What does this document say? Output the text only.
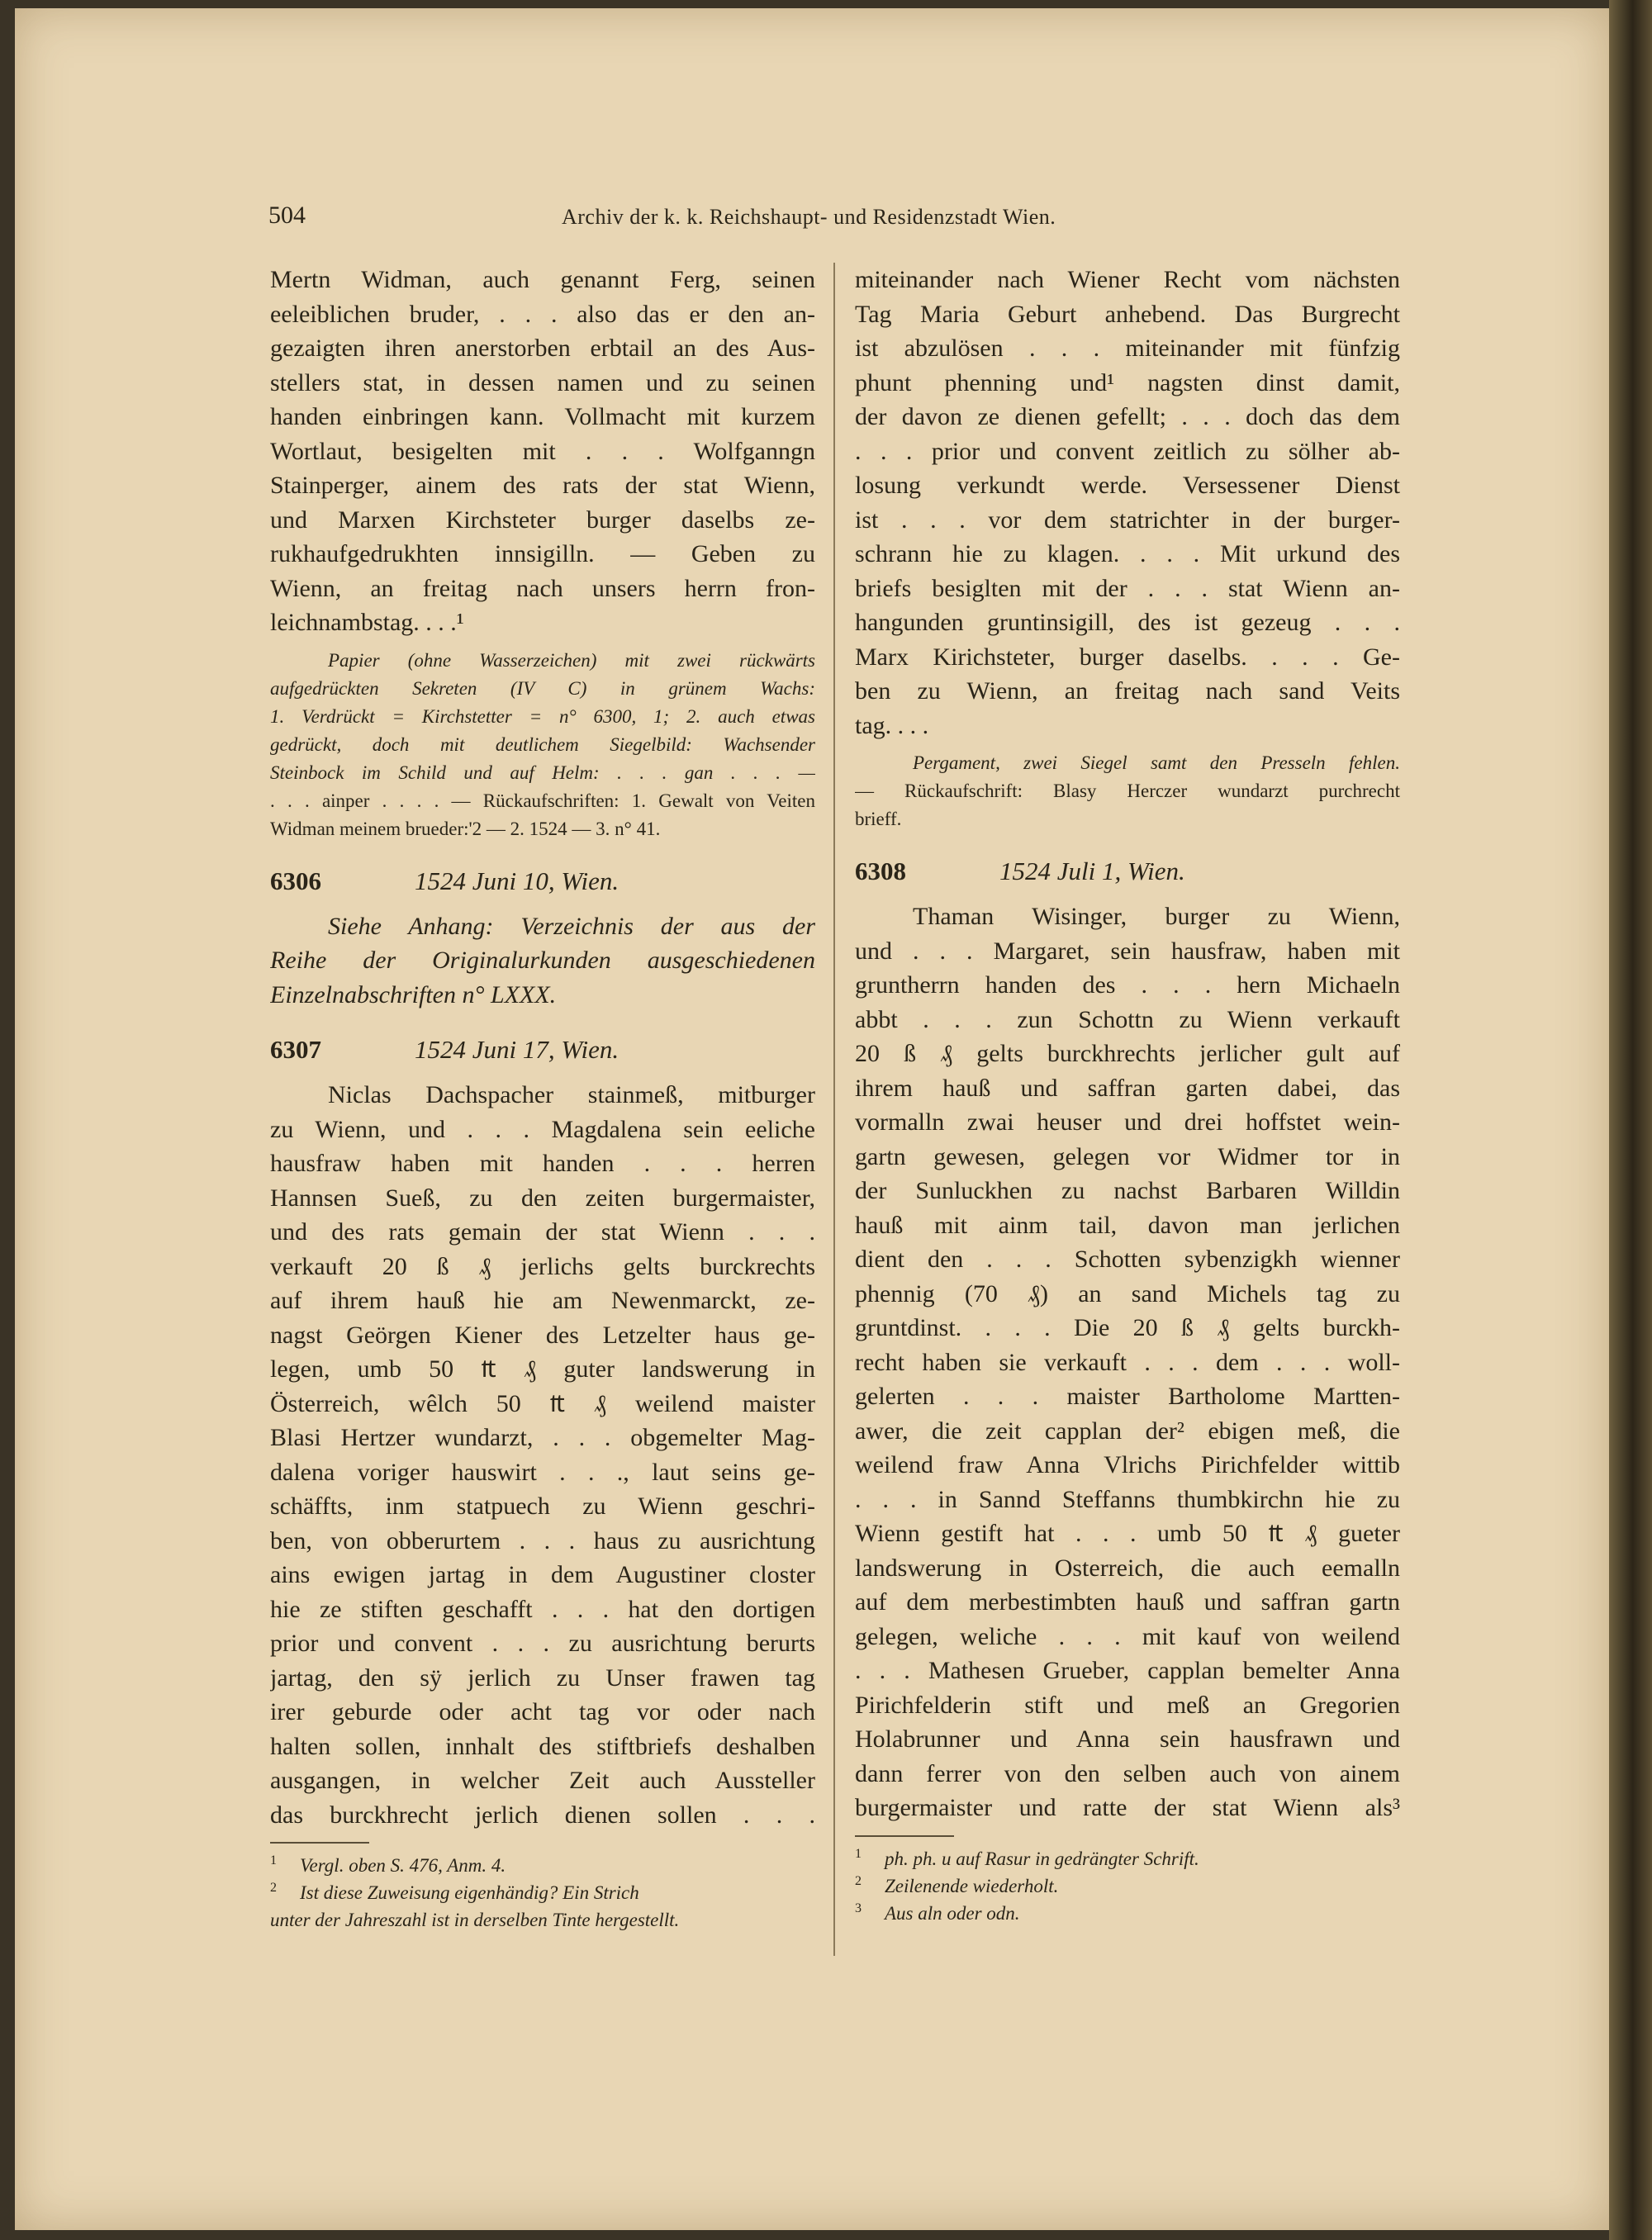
504	Archiv der k. k. Reichshaupt- und Residenzstadt Wien.
Mertn Widman, auch genannt Ferg, seinen
eeleiblichen bruder, . . . also das er den an-
gezaigten ihren anerstorben erbtail an des Aus-
stellers stat, in dessen namen und zu seinen
handen einbringen kann. Vollmacht mit kurzem
Wortlaut, besigelten mit . . . Wolfganngn
Stainperger, ainem des rats der stat Wienn,
und Marxen Kirchsteter burger daselbs ze-
rukhaufgedrukhten innsigilln. — Geben zu
Wienn, an freitag nach unsers herrn fron-
leichnambstag. . . .¹
Papier (ohne Wasserzeichen) mit zwei rückwärts
aufgedrückten Sekreten (IV C) in grünem Wachs:
1. Verdrückt = Kirchstetter = n° 6300, 1; 2. auch etwas
gedrückt, doch mit deutlichem Siegelbild: Wachsender
Steinbock im Schild und auf Helm: . . . gan . . . —
. . . ainper . . . . — Rückaufschriften: 1. Gewalt von Veiten
Widman meinem brueder:'2 — 2. 1524 — 3. n° 41.
6306	1524 Juni 10, Wien.
Siehe Anhang: Verzeichnis der aus der
Reihe der Originalurkunden ausgeschiedenen
Einzelnabschriften n° LXXX.
6307	1524 Juni 17, Wien.
Niclas Dachspacher stainmeß, mitburger
zu Wienn, und . . . Magdalena sein eeliche
hausfraw haben mit handen . . . herren
Hannsen Sueß, zu den zeiten burgermaister,
und des rats gemain der stat Wienn . . .
verkauft 20 ß ₰ jerlichs gelts burckrechts
auf ihrem hauß hie am Newenmarckt, ze-
nagst Geörgen Kiener des Letzelter haus ge-
legen, umb 50 ₶ ₰ guter landswerung in
Österreich, wêlch 50 ₶ ₰ weilend maister
Blasi Hertzer wundarzt, . . . obgemelter Mag-
dalena voriger hauswirt . . ., laut seins ge-
schäffts, inm statpuech zu Wienn geschri-
ben, von obberurtem . . . haus zu ausrichtung
ains ewigen jartag in dem Augustiner closter
hie ze stiften geschafft . . . hat den dortigen
prior und convent . . . zu ausrichtung berurts
jartag, den sÿ jerlich zu Unser frawen tag
irer geburde oder acht tag vor oder nach
halten sollen, innhalt des stiftbriefs deshalben
ausgangen, in welcher Zeit auch Aussteller
das burckhrecht jerlich dienen sollen . . .
1 Vergl. oben S. 476, Anm. 4.
2 Ist diese Zuweisung eigenhändig? Ein Strich
unter der Jahreszahl ist in derselben Tinte hergestellt.
miteinander nach Wiener Recht vom nächsten
Tag Maria Geburt anhebend. Das Burgrecht
ist abzulösen . . . miteinander mit fünfzig
phunt phenning und¹ nagsten dinst damit,
der davon ze dienen gefellt; . . . doch das dem
. . . prior und convent zeitlich zu sölher ab-
losung verkundt werde. Versessener Dienst
ist . . . vor dem statrichter in der burger-
schrann hie zu klagen. . . . Mit urkund des
briefs besiglten mit der . . . stat Wienn an-
hangunden gruntinsigill, des ist gezeug . . .
Marx Kirichsteter, burger daselbs. . . . Ge-
ben zu Wienn, an freitag nach sand Veits
tag. . . .
Pergament, zwei Siegel samt den Presseln fehlen.
— Rückaufschrift: Blasy Herczer wundarzt purchrecht
brieff.
6308	1524 Juli 1, Wien.
Thaman Wisinger, burger zu Wienn,
und . . . Margaret, sein hausfraw, haben mit
gruntherrn handen des . . . hern Michaeln
abbt . . . zun Schottn zu Wienn verkauft
20 ß ₰ gelts burckhrechts jerlicher gult auf
ihrem hauß und saffran garten dabei, das
vormalln zwai heuser und drei hoffstet wein-
gartn gewesen, gelegen vor Widmer tor in
der Sunluckhen zu nachst Barbaren Willdin
hauß mit ainm tail, davon man jerlichen
dient den . . . Schotten sybenzigkh wienner
phennig (70 ₰) an sand Michels tag zu
gruntdinst. . . . Die 20 ß ₰ gelts burckh-
recht haben sie verkauft . . . dem . . . woll-
gelerten . . . maister Bartholome Martten-
awer, die zeit capplan der² ebigen meß, die
weilend fraw Anna Vlrichs Pirichfelder wittib
. . . in Sannd Steffanns thumbkirchn hie zu
Wienn gestift hat . . . umb 50 ₶ ₰ gueter
landswerung in Osterreich, die auch eemalln
auf dem merbestimbten hauß und saffran gartn
gelegen, weliche . . . mit kauf von weilend
. . . Mathesen Grueber, capplan bemelter Anna
Pirichfelderin stift und meß an Gregorien
Holabrunner und Anna sein hausfrawn und
dann ferrer von den selben auch von ainem
burgermaister und ratte der stat Wienn als³
1 ph. ph. u auf Rasur in gedrängter Schrift.
2 Zeilenende wiederholt.
3 Aus aln oder odn.
